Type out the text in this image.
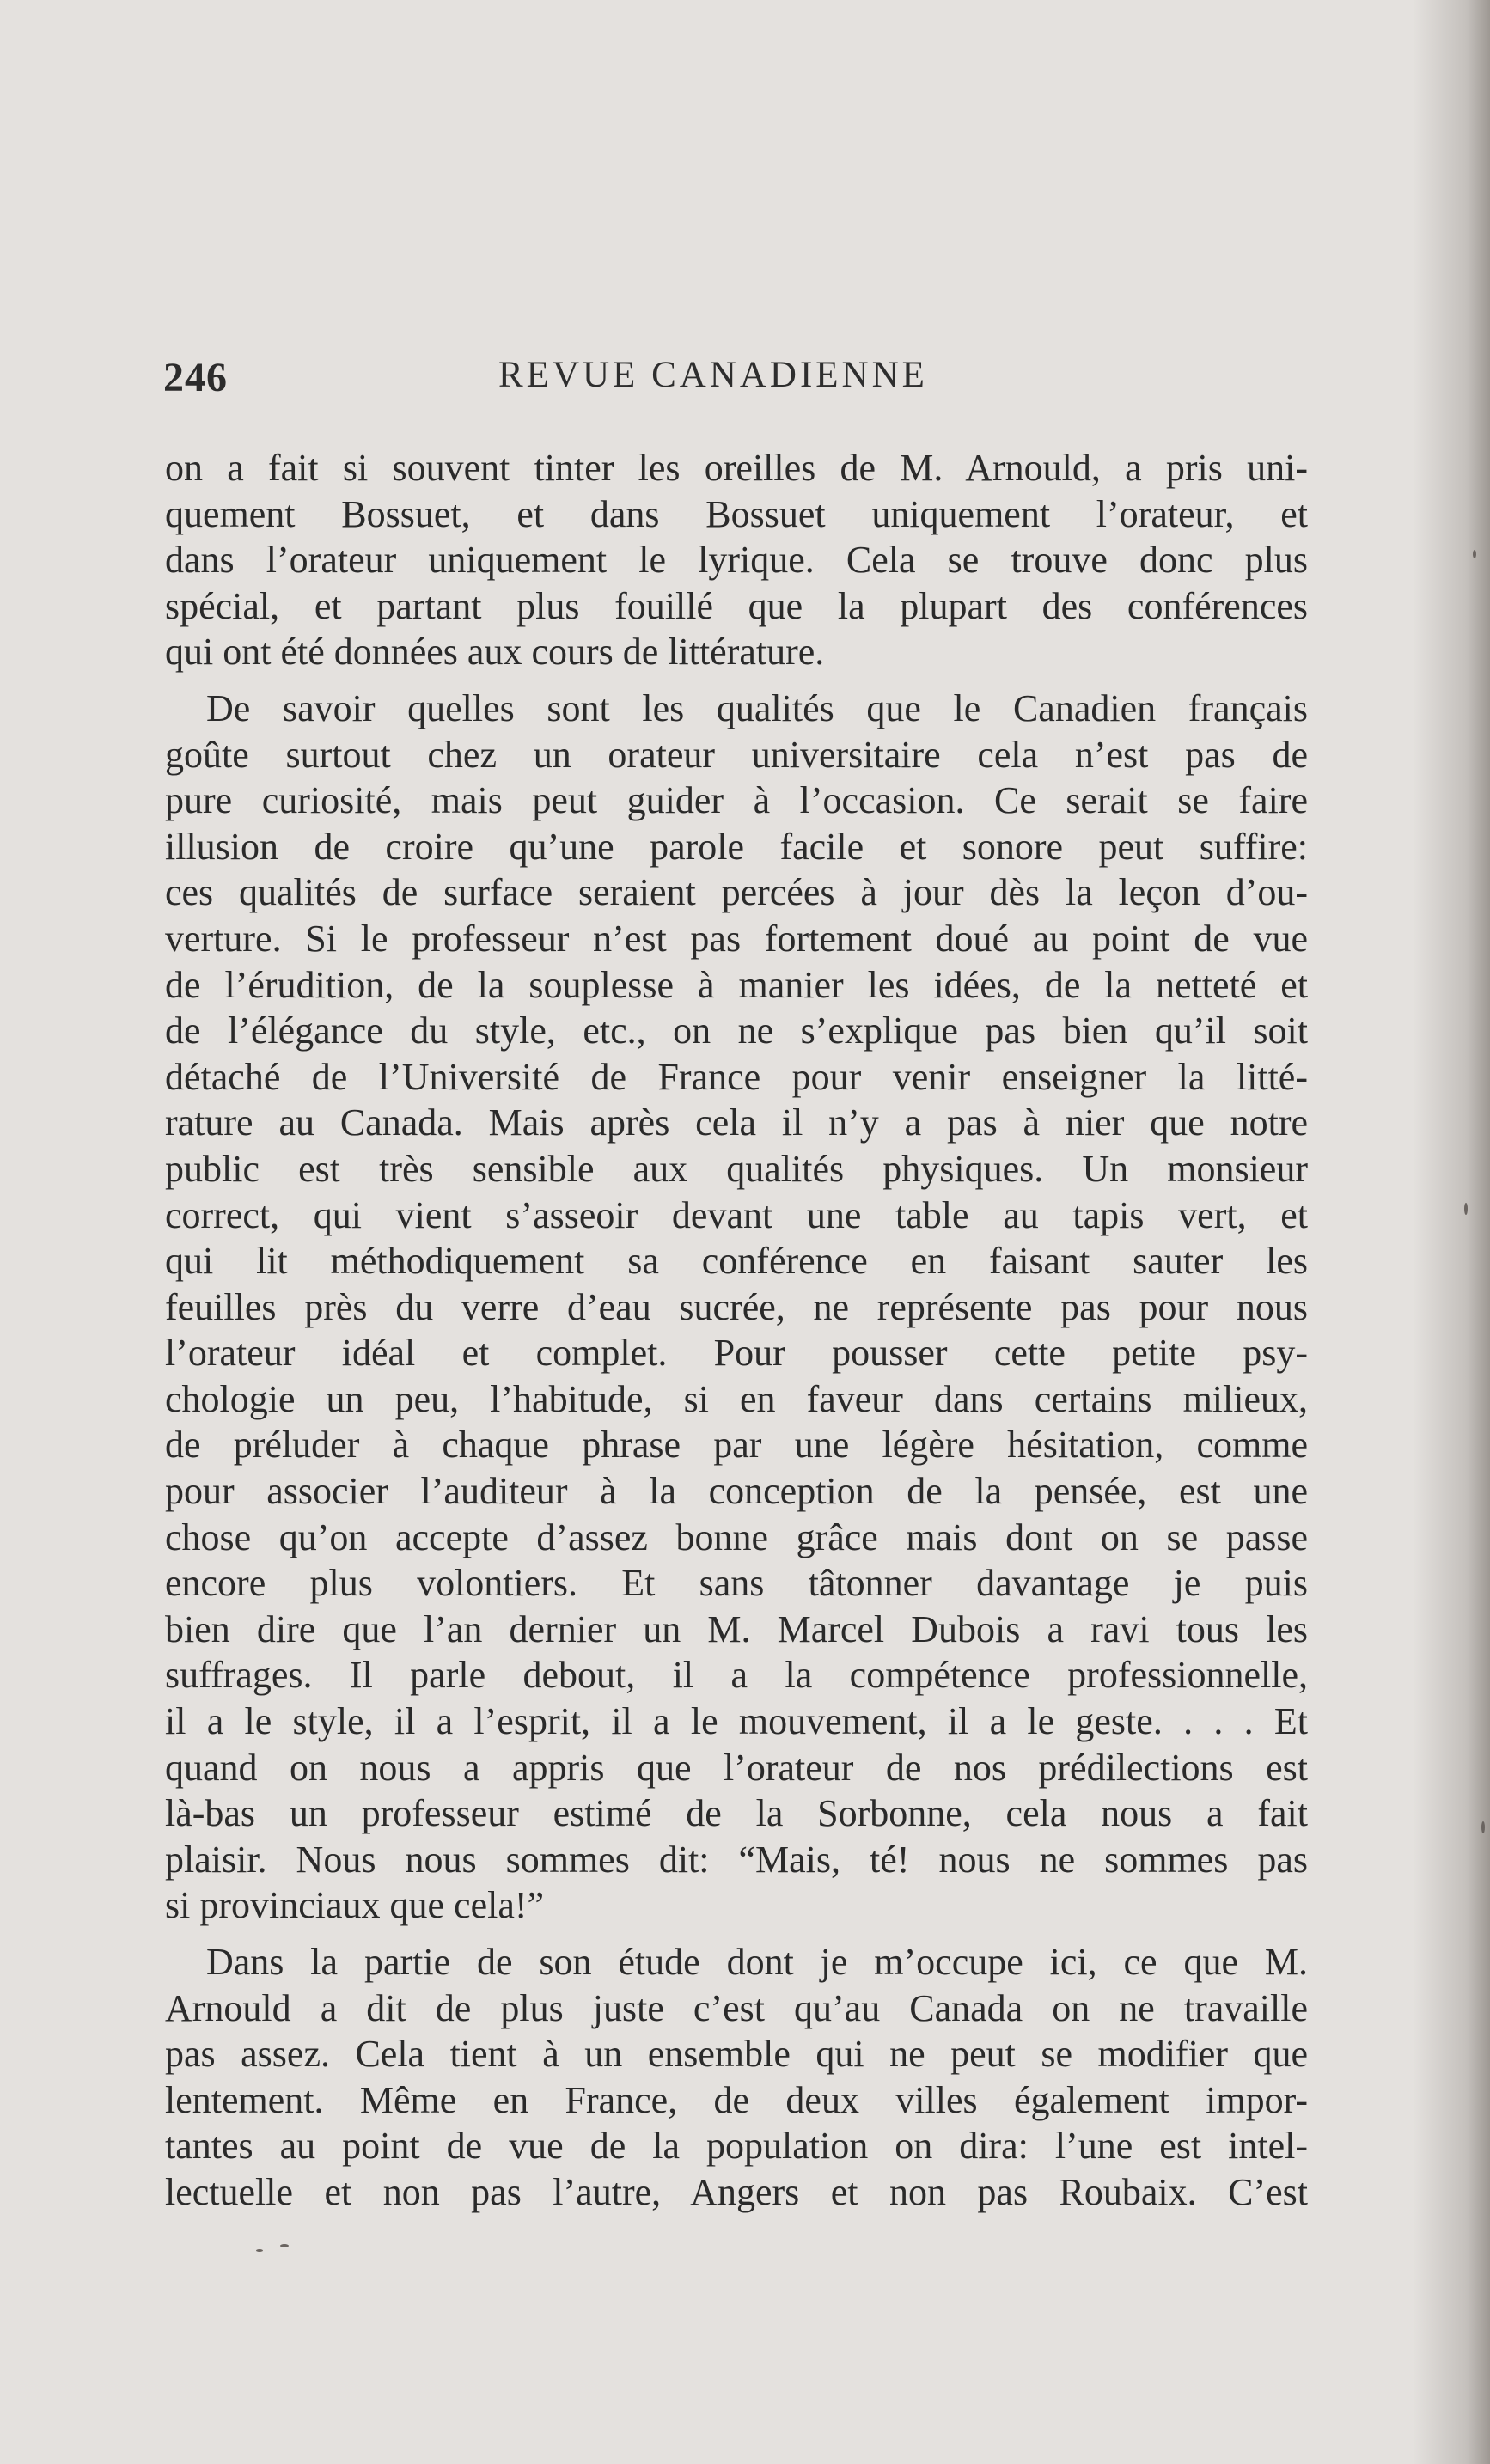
246	REVUE CANADIENNE
on a fait si souvent tinter les oreilles de M. Arnould, a pris uni-
quement Bossuet, et dans Bossuet uniquement l’orateur, et
dans l’orateur uniquement le lyrique. Cela se trouve donc plus
spécial, et partant plus fouillé que la plupart des conférences
qui ont été données aux cours de littérature.
De savoir quelles sont les qualités que le Canadien français
goûte surtout chez un orateur universitaire cela n’est pas de
pure curiosité, mais peut guider à l’occasion. Ce serait se faire
illusion de croire qu’une parole facile et sonore peut suffire:
ces qualités de surface seraient percées à jour dès la leçon d’ou-
verture. Si le professeur n’est pas fortement doué au point de vue
de l’érudition, de la souplesse à manier les idées, de la netteté et
de l’élégance du style, etc., on ne s’explique pas bien qu’il soit
détaché de l’Université de France pour venir enseigner la litté-
rature au Canada. Mais après cela il n’y a pas à nier que notre
public est très sensible aux qualités physiques. Un monsieur
correct, qui vient s’asseoir devant une table au tapis vert, et
qui lit méthodiquement sa conférence en faisant sauter les
feuilles près du verre d’eau sucrée, ne représente pas pour nous
l’orateur idéal et complet. Pour pousser cette petite psy-
chologie un peu, l’habitude, si en faveur dans certains milieux,
de préluder à chaque phrase par une légère hésitation, comme
pour associer l’auditeur à la conception de la pensée, est une
chose qu’on accepte d’assez bonne grâce mais dont on se passe
encore plus volontiers. Et sans tâtonner davantage je puis
bien dire que l’an dernier un M. Marcel Dubois a ravi tous les
suffrages. Il parle debout, il a la compétence professionnelle,
il a le style, il a l’esprit, il a le mouvement, il a le geste. . . . Et
quand on nous a appris que l’orateur de nos prédilections est
là-bas un professeur estimé de la Sorbonne, cela nous a fait
plaisir. Nous nous sommes dit: “Mais, té! nous ne sommes pas
si provinciaux que cela!”
Dans la partie de son étude dont je m’occupe ici, ce que M.
Arnould a dit de plus juste c’est qu’au Canada on ne travaille
pas assez. Cela tient à un ensemble qui ne peut se modifier que
lentement. Même en France, de deux villes également impor-
tantes au point de vue de la population on dira: l’une est intel-
lectuelle et non pas l’autre, Angers et non pas Roubaix. C’est
